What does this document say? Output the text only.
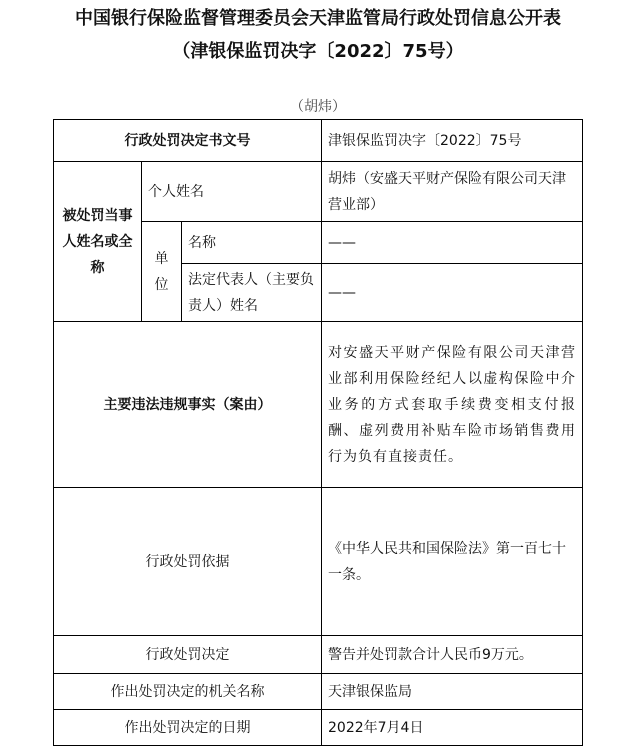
中国银行保险监督管理委员会天津监管局行政处罚信息公开表
（津银保监罚决字〔2022〕75号）
（胡炜）
行政处罚决定书文号			津银保监罚决字〔2022〕75号
被处罚当事人姓名或全称	个人姓名		胡炜（安盛天平财产保险有限公司天津营业部）
	单位	名称	——
		法定代表人（主要负责人）姓名	——
主要违法违规事实（案由）			对安盛天平财产保险有限公司天津营业部利用保险经纪人以虚构保险中介业务的方式套取手续费变相支付报酬、虚列费用补贴车险市场销售费用行为负有直接责任。
行政处罚依据			《中华人民共和国保险法》第一百七十一条。
行政处罚决定			警告并处罚款合计人民币9万元。
作出处罚决定的机关名称			天津银保监局
作出处罚决定的日期			2022年7月4日
